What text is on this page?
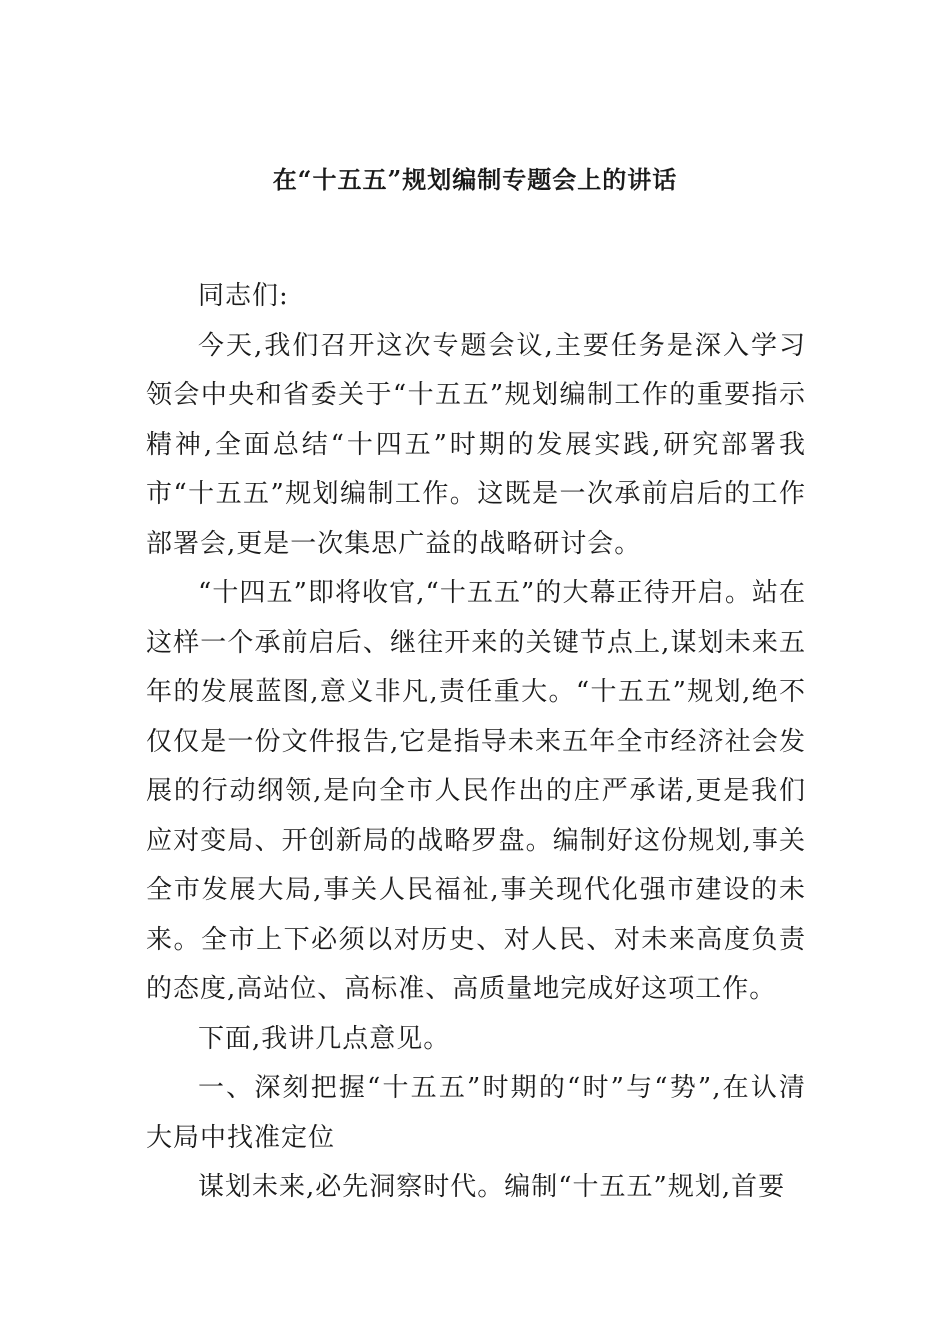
在“十五五”规划编制专题会上的讲话

同志们:

今天,我们召开这次专题会议,主要任务是深入学习领会中央和省委关于“十五五”规划编制工作的重要指示精神,全面总结“十四五”时期的发展实践,研究部署我市“十五五”规划编制工作。这既是一次承前启后的工作部署会,更是一次集思广益的战略研讨会。

“十四五”即将收官,“十五五”的大幕正待开启。站在这样一个承前启后、继往开来的关键节点上,谋划未来五年的发展蓝图,意义非凡,责任重大。“十五五”规划,绝不仅仅是一份文件报告,它是指导未来五年全市经济社会发展的行动纲领,是向全市人民作出的庄严承诺,更是我们应对变局、开创新局的战略罗盘。编制好这份规划,事关全市发展大局,事关人民福祉,事关现代化强市建设的未来。全市上下必须以对历史、对人民、对未来高度负责的态度,高站位、高标准、高质量地完成好这项工作。

下面,我讲几点意见。

一、深刻把握“十五五”时期的“时”与“势”,在认清大局中找准定位

谋划未来,必先洞察时代。编制“十五五”规划,首要
